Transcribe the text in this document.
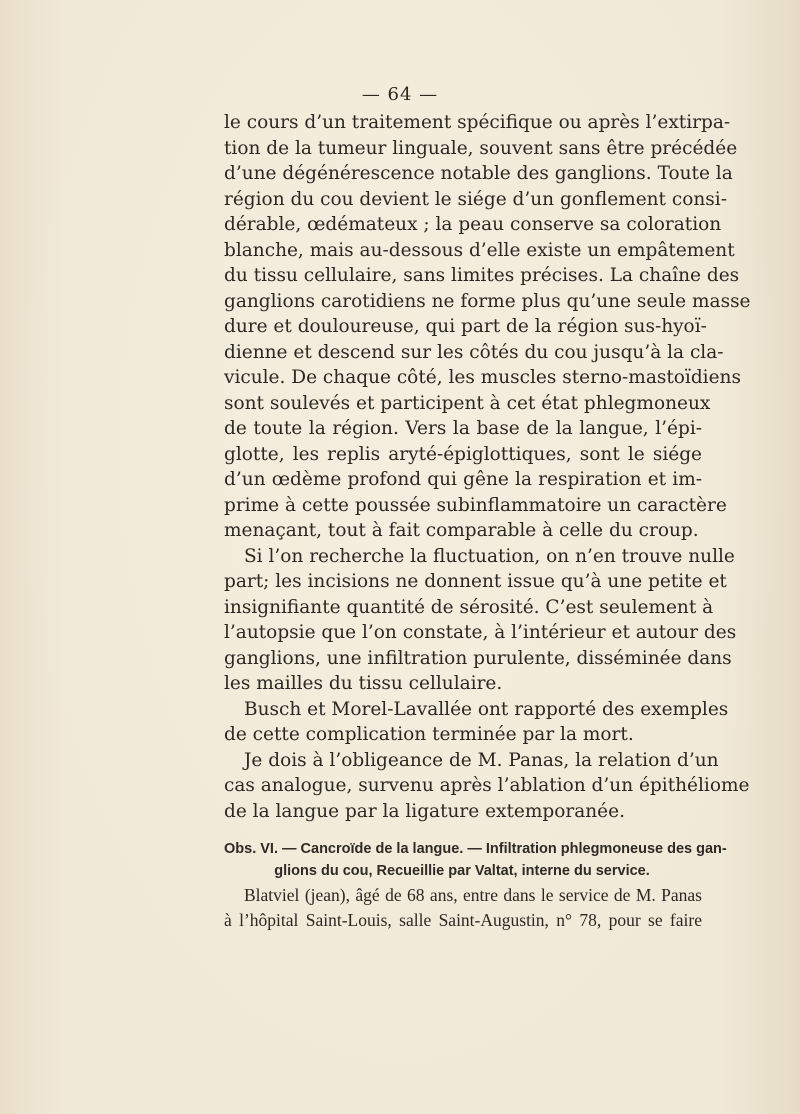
— 64 —
le cours d’un traitement spécifique ou après l’extirpa-
tion de la tumeur linguale, souvent sans être précédée
d’une dégénérescence notable des ganglions. Toute la
région du cou devient le siége d’un gonflement consi-
dérable, œdémateux ; la peau conserve sa coloration
blanche, mais au-dessous d’elle existe un empâtement
du tissu cellulaire, sans limites précises. La chaîne des
ganglions carotidiens ne forme plus qu’une seule masse
dure et douloureuse, qui part de la région sus-hyoï-
dienne et descend sur les côtés du cou jusqu’à la cla-
vicule. De chaque côté, les muscles sterno-mastoïdiens
sont soulevés et participent à cet état phlegmoneux
de toute la région. Vers la base de la langue, l’épi-
glotte, les replis aryté-épiglottiques, sont le siége
d’un œdème profond qui gêne la respiration et im-
prime à cette poussée subinflammatoire un caractère
menaçant, tout à fait comparable à celle du croup.
Si l’on recherche la fluctuation, on n’en trouve nulle
part; les incisions ne donnent issue qu’à une petite et
insignifiante quantité de sérosité. C’est seulement à
l’autopsie que l’on constate, à l’intérieur et autour des
ganglions, une infiltration purulente, disséminée dans
les mailles du tissu cellulaire.
Busch et Morel-Lavallée ont rapporté des exemples
de cette complication terminée par la mort.
Je dois à l’obligeance de M. Panas, la relation d’un
cas analogue, survenu après l’ablation d’un épithéliome
de la langue par la ligature extemporanée.
Obs. VI. — Cancroïde de la langue. — Infiltration phlegmoneuse des gan-
glions du cou, Recueillie par Valtat, interne du service.
Blatviel (jean), âgé de 68 ans, entre dans le service de M. Panas
à l’hôpital Saint-Louis, salle Saint-Augustin, n° 78, pour se faire
